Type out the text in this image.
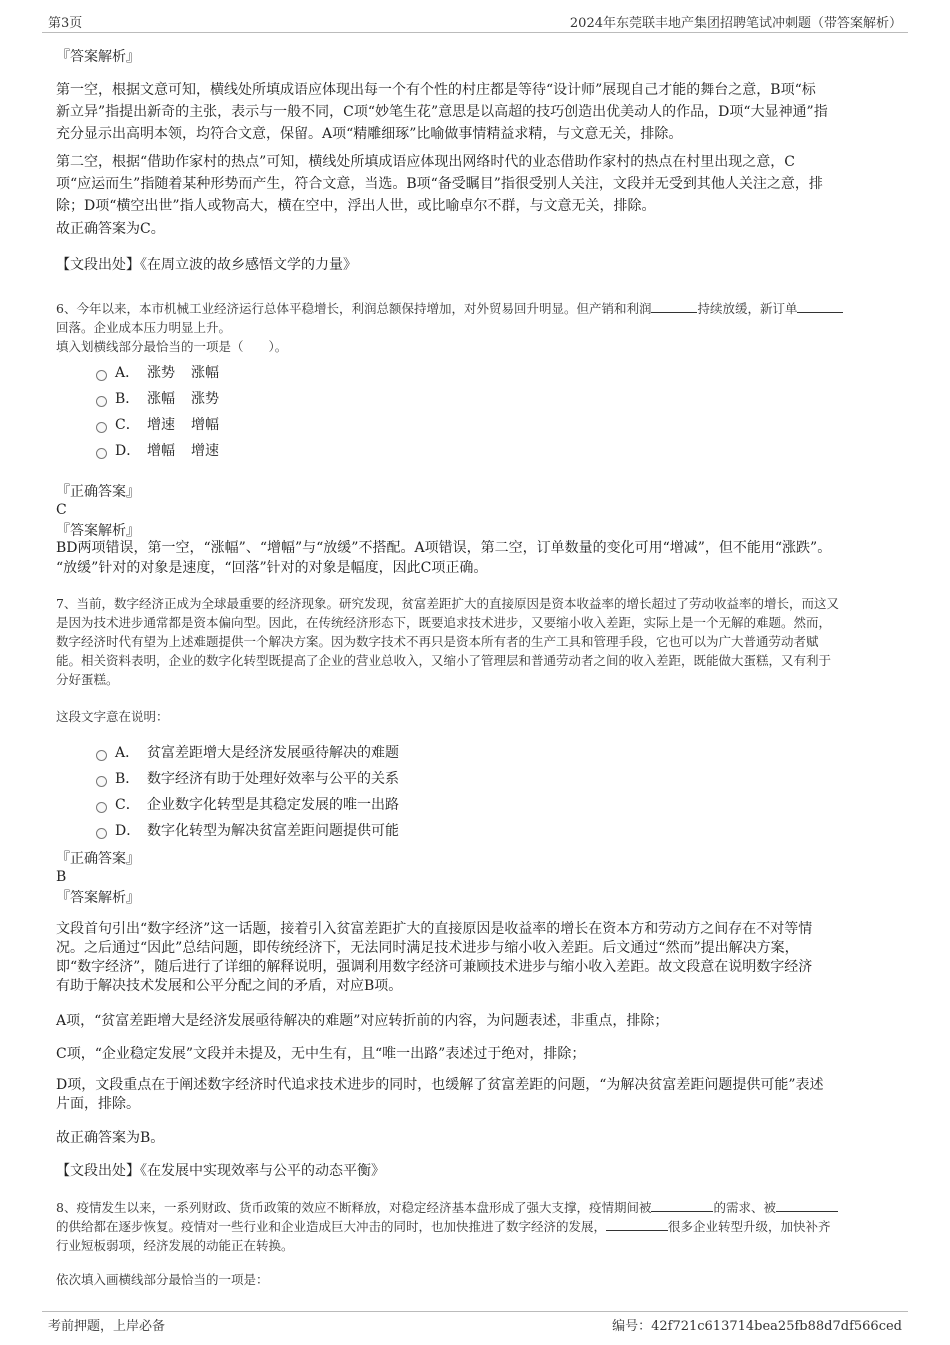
第3页	2024年东莞联丰地产集团招聘笔试冲刺题（带答案解析）
『答案解析』
第一空，根据文意可知，横线处所填成语应体现出每一个有个性的村庄都是等待“设计师”展现自己才能的舞台之意，B项“标
新立异”指提出新奇的主张，表示与一般不同，C项“妙笔生花”意思是以高超的技巧创造出优美动人的作品，D项“大显神通”指
充分显示出高明本领，均符合文意，保留。A项“精雕细琢”比喻做事情精益求精，与文意无关，排除。
第二空，根据“借助作家村的热点”可知，横线处所填成语应体现出网络时代的业态借助作家村的热点在村里出现之意，C
项“应运而生”指随着某种形势而产生，符合文意，当选。B项“备受瞩目”指很受别人关注，文段并无受到其他人关注之意，排
除；D项“横空出世”指人或物高大，横在空中，浮出人世，或比喻卓尔不群，与文意无关，排除。
故正确答案为C。
【文段出处】《在周立波的故乡感悟文学的力量》
6、今年以来，本市机械工业经济运行总体平稳增长，利润总额保持增加，对外贸易回升明显。但产销和利润	持续放缓，新订单
回落。企业成本压力明显上升。
填入划横线部分最恰当的一项是（　　）。
A． 涨势 涨幅
B． 涨幅 涨势
C． 增速 增幅
D． 增幅 增速
『正确答案』
C
『答案解析』
BD两项错误，第一空，“涨幅”、“增幅”与“放缓”不搭配。A项错误，第二空，订单数量的变化可用“增减”，但不能用“涨跌”。
“放缓”针对的对象是速度，“回落”针对的对象是幅度，因此C项正确。
7、当前，数字经济正成为全球最重要的经济现象。研究发现，贫富差距扩大的直接原因是资本收益率的增长超过了劳动收益率的增长，而这又
是因为技术进步通常都是资本偏向型。因此，在传统经济形态下，既要追求技术进步，又要缩小收入差距，实际上是一个无解的难题。然而，
数字经济时代有望为上述难题提供一个解决方案。因为数字技术不再只是资本所有者的生产工具和管理手段，它也可以为广大普通劳动者赋
能。相关资料表明，企业的数字化转型既提高了企业的营业总收入，又缩小了管理层和普通劳动者之间的收入差距，既能做大蛋糕，又有利于
分好蛋糕。
这段文字意在说明：
A． 贫富差距增大是经济发展亟待解决的难题
B． 数字经济有助于处理好效率与公平的关系
C． 企业数字化转型是其稳定发展的唯一出路
D． 数字化转型为解决贫富差距问题提供可能
『正确答案』
B
『答案解析』
文段首句引出“数字经济”这一话题，接着引入贫富差距扩大的直接原因是收益率的增长在资本方和劳动方之间存在不对等情
况。之后通过“因此”总结问题，即传统经济下，无法同时满足技术进步与缩小收入差距。后文通过“然而”提出解决方案，
即“数字经济”，随后进行了详细的解释说明，强调利用数字经济可兼顾技术进步与缩小收入差距。故文段意在说明数字经济
有助于解决技术发展和公平分配之间的矛盾，对应B项。
A项，“贫富差距增大是经济发展亟待解决的难题”对应转折前的内容，为问题表述，非重点，排除；
C项，“企业稳定发展”文段并未提及，无中生有，且“唯一出路”表述过于绝对，排除；
D项，文段重点在于阐述数字经济时代追求技术进步的同时，也缓解了贫富差距的问题，“为解决贫富差距问题提供可能”表述
片面，排除。
故正确答案为B。
【文段出处】《在发展中实现效率与公平的动态平衡》
8、疫情发生以来，一系列财政、货币政策的效应不断释放，对稳定经济基本盘形成了强大支撑，疫情期间被	的需求、被
的供给都在逐步恢复。疫情对一些行业和企业造成巨大冲击的同时，也加快推进了数字经济的发展，	很多企业转型升级，加快补齐
行业短板弱项，经济发展的动能正在转换。
依次填入画横线部分最恰当的一项是：
考前押题，上岸必备	编号：42f721c613714bea25fb88d7df566ced
